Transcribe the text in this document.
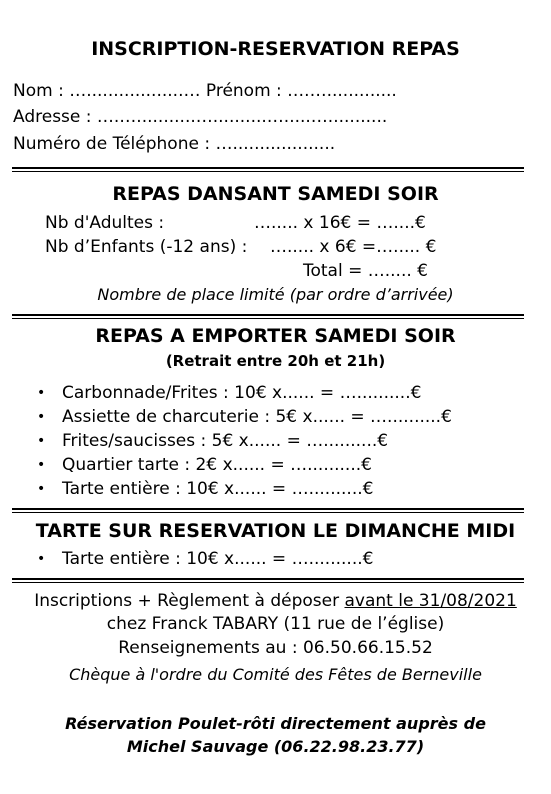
INSCRIPTION-RESERVATION REPAS
Nom : …..................… Prénom : ….….............
Adresse : ….…...........…..........….....…...........
Numéro de Téléphone : …...................
REPAS DANSANT SAMEDI SOIR
Nb d'Adultes :	…..... x 16€ = …....€
Nb d’Enfants (-12 ans) : …..... x 6€ =…..... €
Total = …..... €
Nombre de place limité (par ordre d’arrivée)
REPAS A EMPORTER SAMEDI SOIR
(Retrait entre 20h et 21h)
• Carbonnade/Frites : 10€ x...... = …..........€
• Assiette de charcuterie : 5€ x...... = …..........€
• Frites/saucisses : 5€ x...... = …..........€
• Quartier tarte : 2€ x...... = …..........€
• Tarte entière : 10€ x...... = …..........€
TARTE SUR RESERVATION LE DIMANCHE MIDI
• Tarte entière : 10€ x...... = …..........€
Inscriptions + Règlement à déposer avant le 31/08/2021
chez Franck TABARY (11 rue de l’église)
Renseignements au : 06.50.66.15.52
Chèque à l'ordre du Comité des Fêtes de Berneville
Réservation Poulet-rôti directement auprès de
Michel Sauvage (06.22.98.23.77)
